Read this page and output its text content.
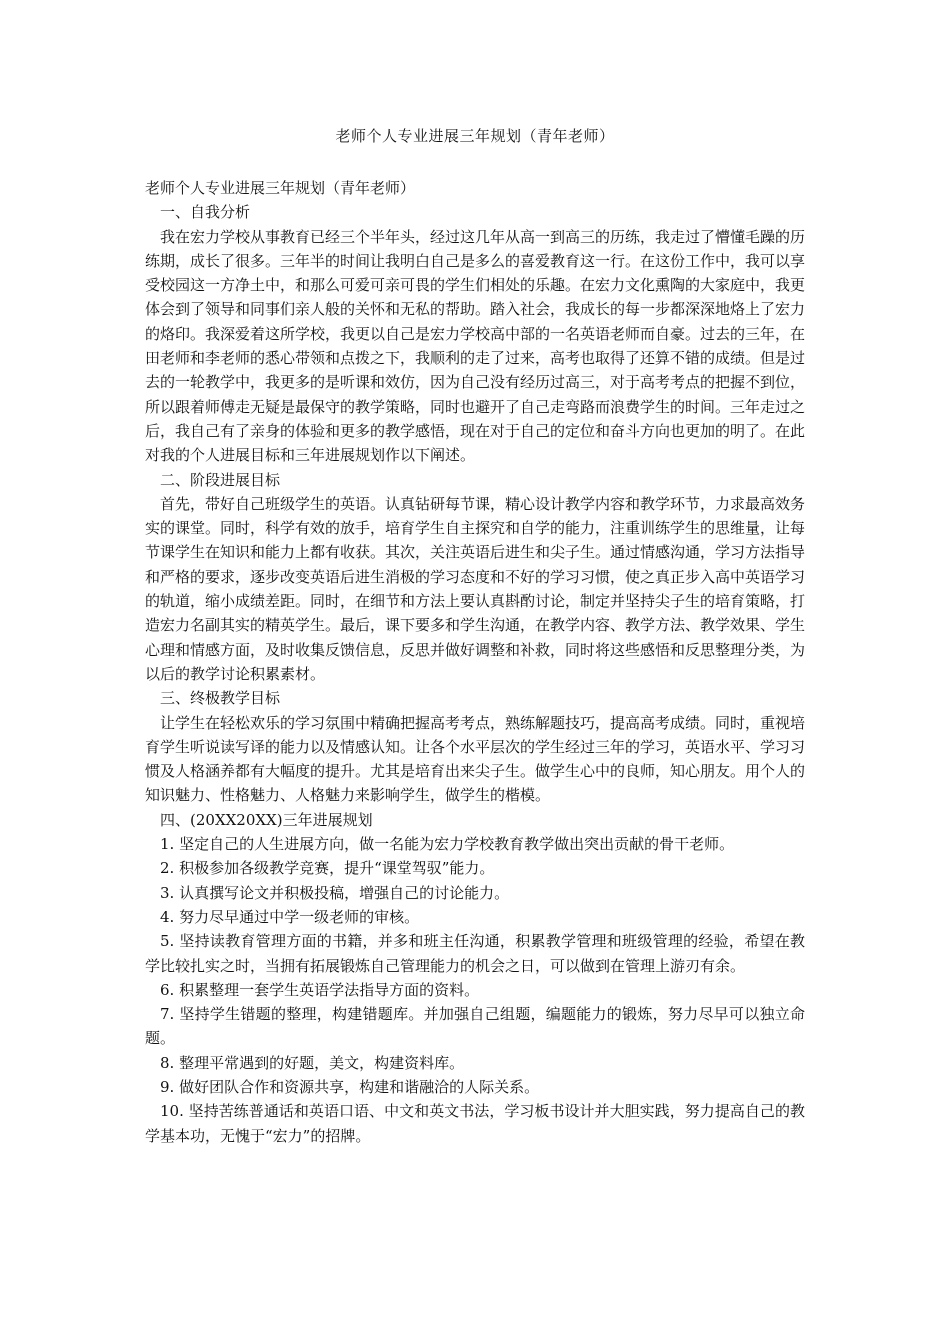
老师个人专业进展三年规划（青年老师）

老师个人专业进展三年规划（青年老师）

一、自我分析

我在宏力学校从事教育已经三个半年头，经过这几年从高一到高三的历练，我走过了懵懂毛躁的历练期，成长了很多。三年半的时间让我明白自己是多么的喜爱教育这一行。在这份工作中，我可以享受校园这一方净土中，和那么可爱可亲可畏的学生们相处的乐趣。在宏力文化熏陶的大家庭中，我更体会到了领导和同事们亲人般的关怀和无私的帮助。踏入社会，我成长的每一步都深深地烙上了宏力的烙印。我深爱着这所学校，我更以自己是宏力学校高中部的一名英语老师而自豪。过去的三年，在田老师和李老师的悉心带领和点拨之下，我顺利的走了过来，高考也取得了还算不错的成绩。但是过去的一轮教学中，我更多的是听课和效仿，因为自己没有经历过高三，对于高考考点的把握不到位，所以跟着师傅走无疑是最保守的教学策略，同时也避开了自己走弯路而浪费学生的时间。三年走过之后，我自己有了亲身的体验和更多的教学感悟，现在对于自己的定位和奋斗方向也更加的明了。在此对我的个人进展目标和三年进展规划作以下阐述。

二、阶段进展目标

首先，带好自己班级学生的英语。认真钻研每节课，精心设计教学内容和教学环节，力求最高效务实的课堂。同时，科学有效的放手，培育学生自主探究和自学的能力，注重训练学生的思维量，让每节课学生在知识和能力上都有收获。其次，关注英语后进生和尖子生。通过情感沟通，学习方法指导和严格的要求，逐步改变英语后进生消极的学习态度和不好的学习习惯，使之真正步入高中英语学习的轨道，缩小成绩差距。同时，在细节和方法上要认真斟酌讨论，制定并坚持尖子生的培育策略，打造宏力名副其实的精英学生。最后，课下要多和学生沟通，在教学内容、教学方法、教学效果、学生心理和情感方面，及时收集反馈信息，反思并做好调整和补救，同时将这些感悟和反思整理分类，为以后的教学讨论积累素材。

三、终极教学目标

让学生在轻松欢乐的学习氛围中精确把握高考考点，熟练解题技巧，提高高考成绩。同时，重视培育学生听说读写译的能力以及情感认知。让各个水平层次的学生经过三年的学习，英语水平、学习习惯及人格涵养都有大幅度的提升。尤其是培育出来尖子生。做学生心中的良师，知心朋友。用个人的知识魅力、性格魅力、人格魅力来影响学生，做学生的楷模。

四、(20XX20XX)三年进展规划

1. 坚定自己的人生进展方向，做一名能为宏力学校教育教学做出突出贡献的骨干老师。

2. 积极参加各级教学竞赛，提升“课堂驾驭”能力。

3. 认真撰写论文并积极投稿，增强自己的讨论能力。

4. 努力尽早通过中学一级老师的审核。

5. 坚持读教育管理方面的书籍，并多和班主任沟通，积累教学管理和班级管理的经验，希望在教学比较扎实之时，当拥有拓展锻炼自己管理能力的机会之日，可以做到在管理上游刃有余。

6. 积累整理一套学生英语学法指导方面的资料。

7. 坚持学生错题的整理，构建错题库。并加强自己组题，编题能力的锻炼，努力尽早可以独立命题。

8. 整理平常遇到的好题，美文，构建资料库。

9. 做好团队合作和资源共享，构建和谐融洽的人际关系。

10. 坚持苦练普通话和英语口语、中文和英文书法，学习板书设计并大胆实践，努力提高自己的教学基本功，无愧于“宏力”的招牌。
